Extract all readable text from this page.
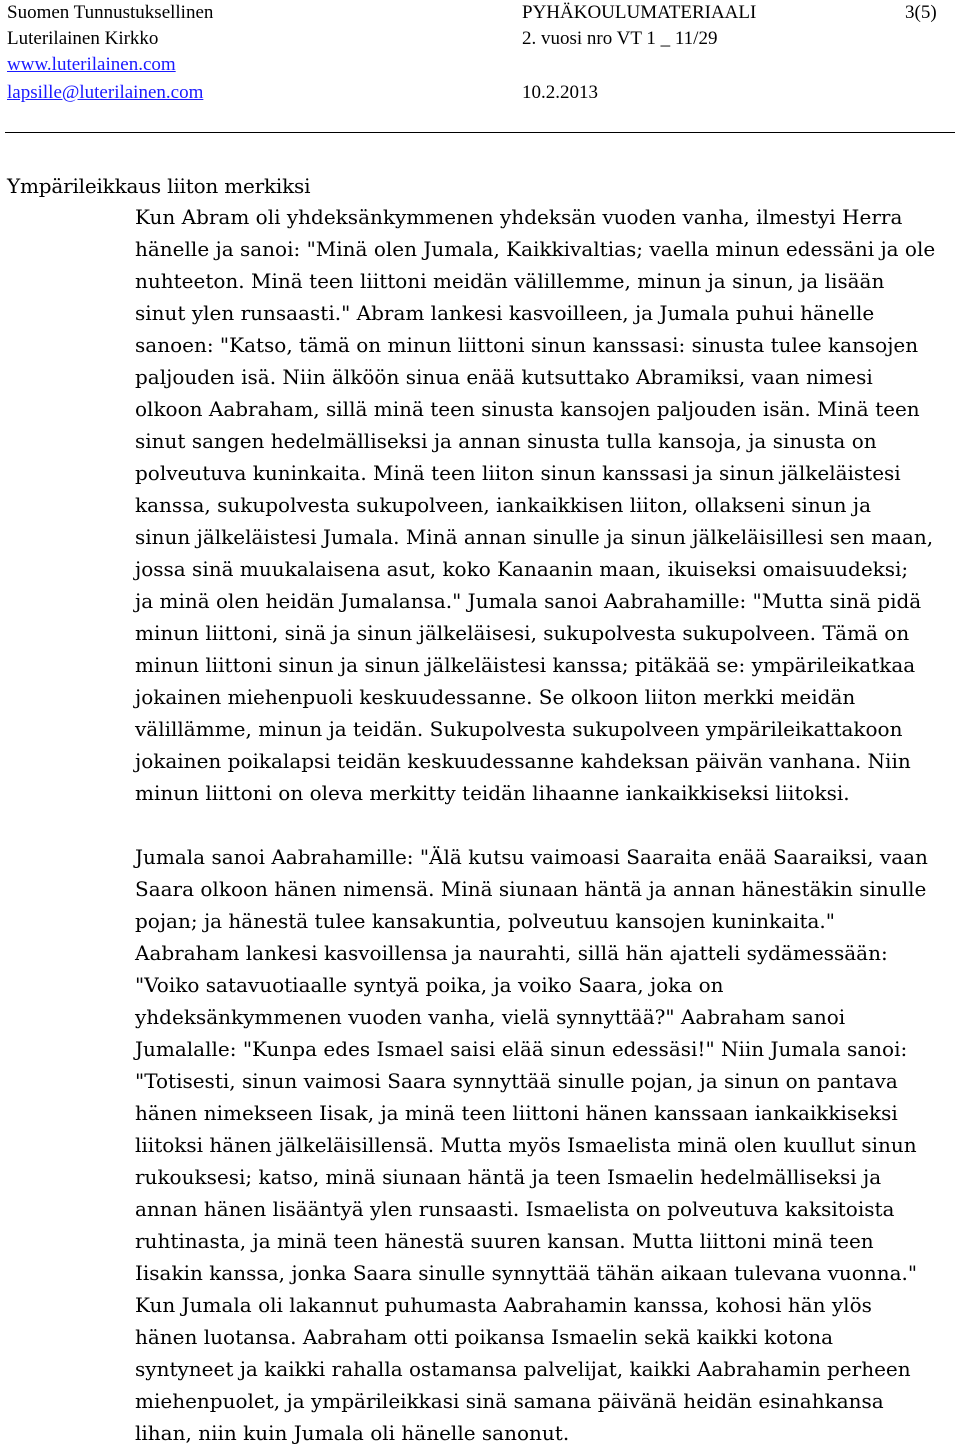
Suomen Tunnustuksellinen
Luterilainen Kirkko
www.luterilainen.com
lapsille@luterilainen.com
PYHÄKOULUMATERIAALI
2. vuosi nro VT 1 _ 11/29
10.2.2013
3(5)
Ympärileikkaus liiton merkiksi
Kun Abram oli yhdeksänkymmenen yhdeksän vuoden vanha, ilmestyi Herra
hänelle ja sanoi: "Minä olen Jumala, Kaikkivaltias; vaella minun edessäni ja ole
nuhteeton. Minä teen liittoni meidän välillemme, minun ja sinun, ja lisään
sinut ylen runsaasti." Abram lankesi kasvoilleen, ja Jumala puhui hänelle
sanoen: "Katso, tämä on minun liittoni sinun kanssasi: sinusta tulee kansojen
paljouden isä. Niin älköön sinua enää kutsuttako Abramiksi, vaan nimesi
olkoon Aabraham, sillä minä teen sinusta kansojen paljouden isän. Minä teen
sinut sangen hedelmälliseksi ja annan sinusta tulla kansoja, ja sinusta on
polveutuva kuninkaita. Minä teen liiton sinun kanssasi ja sinun jälkeläistesi
kanssa, sukupolvesta sukupolveen, iankaikkisen liiton, ollakseni sinun ja
sinun jälkeläistesi Jumala. Minä annan sinulle ja sinun jälkeläisillesi sen maan,
jossa sinä muukalaisena asut, koko Kanaanin maan, ikuiseksi omaisuudeksi;
ja minä olen heidän Jumalansa." Jumala sanoi Aabrahamille: "Mutta sinä pidä
minun liittoni, sinä ja sinun jälkeläisesi, sukupolvesta sukupolveen. Tämä on
minun liittoni sinun ja sinun jälkeläistesi kanssa; pitäkää se: ympärileikatkaa
jokainen miehenpuoli keskuudessanne. Se olkoon liiton merkki meidän
välillämme, minun ja teidän. Sukupolvesta sukupolveen ympärileikattakoon
jokainen poikalapsi teidän keskuudessanne kahdeksan päivän vanhana. Niin
minun liittoni on oleva merkitty teidän lihaanne iankaikkiseksi liitoksi.
Jumala sanoi Aabrahamille: "Älä kutsu vaimoasi Saaraita enää Saaraiksi, vaan
Saara olkoon hänen nimensä. Minä siunaan häntä ja annan hänestäkin sinulle
pojan; ja hänestä tulee kansakuntia, polveutuu kansojen kuninkaita."
Aabraham lankesi kasvoillensa ja naurahti, sillä hän ajatteli sydämessään:
"Voiko satavuotiaalle syntyä poika, ja voiko Saara, joka on
yhdeksänkymmenen vuoden vanha, vielä synnyttää?" Aabraham sanoi
Jumalalle: "Kunpa edes Ismael saisi elää sinun edessäsi!" Niin Jumala sanoi:
"Totisesti, sinun vaimosi Saara synnyttää sinulle pojan, ja sinun on pantava
hänen nimekseen Iisak, ja minä teen liittoni hänen kanssaan iankaikkiseksi
liitoksi hänen jälkeläisillensä. Mutta myös Ismaelista minä olen kuullut sinun
rukouksesi; katso, minä siunaan häntä ja teen Ismaelin hedelmälliseksi ja
annan hänen lisääntyä ylen runsaasti. Ismaelista on polveutuva kaksitoista
ruhtinasta, ja minä teen hänestä suuren kansan. Mutta liittoni minä teen
Iisakin kanssa, jonka Saara sinulle synnyttää tähän aikaan tulevana vuonna."
Kun Jumala oli lakannut puhumasta Aabrahamin kanssa, kohosi hän ylös
hänen luotansa. Aabraham otti poikansa Ismaelin sekä kaikki kotona
syntyneet ja kaikki rahalla ostamansa palvelijat, kaikki Aabrahamin perheen
miehenpuolet, ja ympärileikkasi sinä samana päivänä heidän esinahkansa
lihan, niin kuin Jumala oli hänelle sanonut.
